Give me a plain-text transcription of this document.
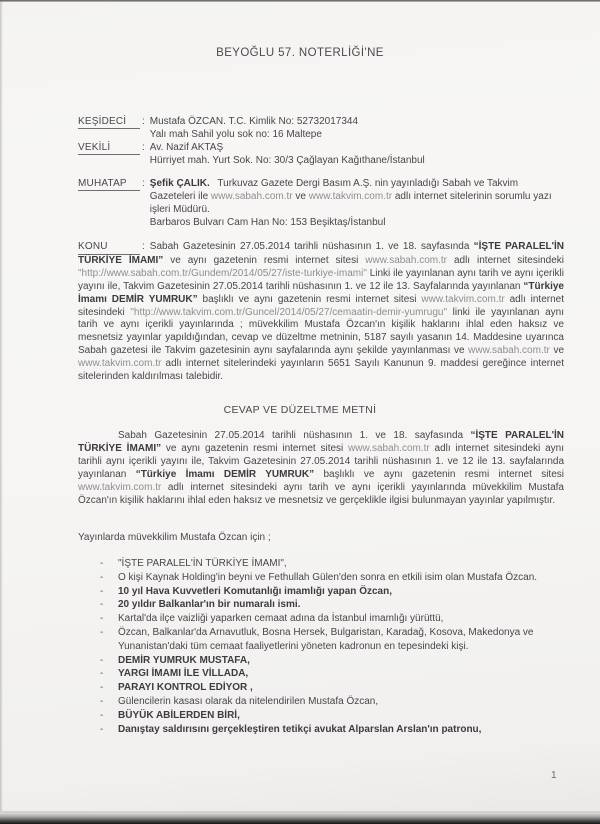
BEYOĞLU 57. NOTERLİĞİ'NE
KEŞİDECİ	: Mustafa ÖZCAN. T.C. Kimlik No: 52732017344
Yalı mah Sahil yolu sok no: 16 Maltepe
VEKİLİ	: Av. Nazif AKTAŞ
Hürriyet mah. Yurt Sok. No: 30/3 Çağlayan Kağıthane/İstanbul
MUHATAP	: Şefik ÇALIK. Turkuvaz Gazete Dergi Basım A.Ş. nin yayınladığı Sabah ve Takvim Gazeteleri ile www.sabah.com.tr ve www.takvim.com.tr adlı internet sitelerinin sorumlu yazı işleri Müdürü.
Barbaros Bulvarı Cam Han No: 153 Beşiktaş/İstanbul

KONU	: Sabah Gazetesinin 27.05.2014 tarihli nüshasının 1. ve 18. sayfasında “İŞTE PARALEL'İN TÜRKİYE İMAMI” ve aynı gazetenin resmi internet sitesi www.sabah.com.tr adlı internet sitesindeki "http://www.sabah.com.tr/Gundem/2014/05/27/iste-turkiye-imami" Linki ile yayınlanan aynı tarih ve aynı içerikli yayını ile, Takvim Gazetesinin 27.05.2014 tarihli nüshasının 1. ve 12 ile 13. Sayfalarında yayınlanan “Türkiye İmamı DEMİR YUMRUK” başlıklı ve aynı gazetenin resmi internet sitesi www.takvim.com.tr adlı internet sitesindeki "http://www.takvim.com.tr/Guncel/2014/05/27/cemaatin-demir-yumrugu" linki ile yayınlanan aynı tarih ve aynı içerikli yayınlarında ; müvekkilim Mustafa Özcan'ın kişilik haklarını ihlal eden haksız ve mesnetsiz yayınlar yapıldığından, cevap ve düzeltme metninin, 5187 sayılı yasanın 14. Maddesine uyarınca Sabah gazetesi ile Takvim gazetesinin aynı sayfalarında aynı şekilde yayınlanması ve www.sabah.com.tr ve www.takvim.com.tr adlı internet sitelerindeki yayınların 5651 Sayılı Kanunun 9. maddesi gereğince internet sitelerinden kaldırılması talebidir.

CEVAP VE DÜZELTME METNİ

Sabah Gazetesinin 27.05.2014 tarihli nüshasının 1. ve 18. sayfasında “İŞTE PARALEL'İN TÜRKİYE İMAMI” ve aynı gazetenin resmi internet sitesi www.sabah.com.tr adlı internet sitesindeki aynı tarihli aynı içerikli yayını ile, Takvim Gazetesinin 27.05.2014 tarihli nüshasının 1. ve 12 ile 13. sayfalarında yayınlanan “Türkiye İmamı DEMİR YUMRUK” başlıklı ve aynı gazetenin resmi internet sitesi www.takvim.com.tr adlı internet sitesindeki aynı tarih ve aynı içerikli yayınlarında müvekkilim Mustafa Özcan'ın kişilik haklarını ihlal eden haksız ve mesnetsiz ve gerçeklikle ilgisi bulunmayan yayınlar yapılmıştır.

Yayınlarda müvekkilim Mustafa Özcan için ;
-	"İŞTE PARALEL'İN TÜRKİYE İMAMI",
-	O kişi Kaynak Holding'in beyni ve Fethullah Gülen'den sonra en etkili isim olan Mustafa Özcan.
-	10 yıl Hava Kuvvetleri Komutanlığı imamlığı yapan Özcan,
-	20 yıldır Balkanlar'ın bir numaralı ismi.
-	Kartal'da ilçe vaizliği yaparken cemaat adına da İstanbul imamlığı yürüttü,
-	Özcan, Balkanlar'da Arnavutluk, Bosna Hersek, Bulgaristan, Karadağ, Kosova, Makedonya ve Yunanistan'daki tüm cemaat faaliyetlerini yöneten kadronun en tepesindeki kişi.
-	DEMİR YUMRUK MUSTAFA,
-	YARGI İMAMI İLE VİLLADA,
-	PARAYI KONTROL EDİYOR ,
-	Gülencilerin kasası olarak da nitelendirilen Mustafa Özcan,
-	BÜYÜK ABİLERDEN BİRİ,
-	Danıştay saldırısını gerçekleştiren tetikçi avukat Alparslan Arslan'ın patronu,
1
